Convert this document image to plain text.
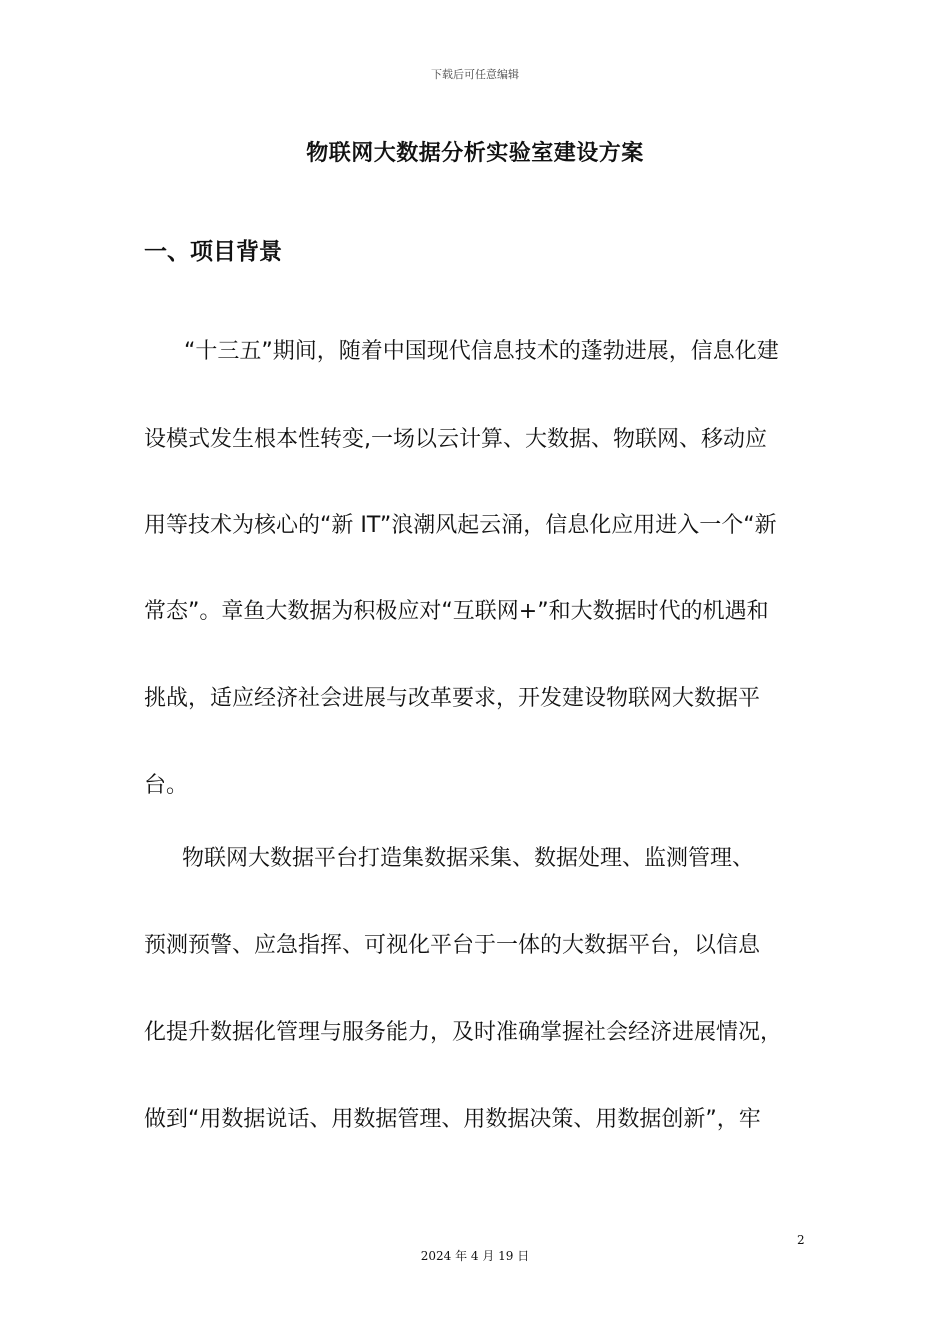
下载后可任意编辑
物联网大数据分析实验室建设方案
一、项目背景
“十三五”期间，随着中国现代信息技术的蓬勃进展，信息化建
设模式发生根本性转变,一场以云计算、大数据、物联网、移动应
用等技术为核心的“新 IT”浪潮风起云涌，信息化应用进入一个“新
常态”。章鱼大数据为积极应对“互联网+”和大数据时代的机遇和
挑战，适应经济社会进展与改革要求，开发建设物联网大数据平
台。
物联网大数据平台打造集数据采集、数据处理、监测管理、
预测预警、应急指挥、可视化平台于一体的大数据平台，以信息
化提升数据化管理与服务能力，及时准确掌握社会经济进展情况，
做到“用数据说话、用数据管理、用数据决策、用数据创新”，牢
2
2024 年 4 月 19 日
